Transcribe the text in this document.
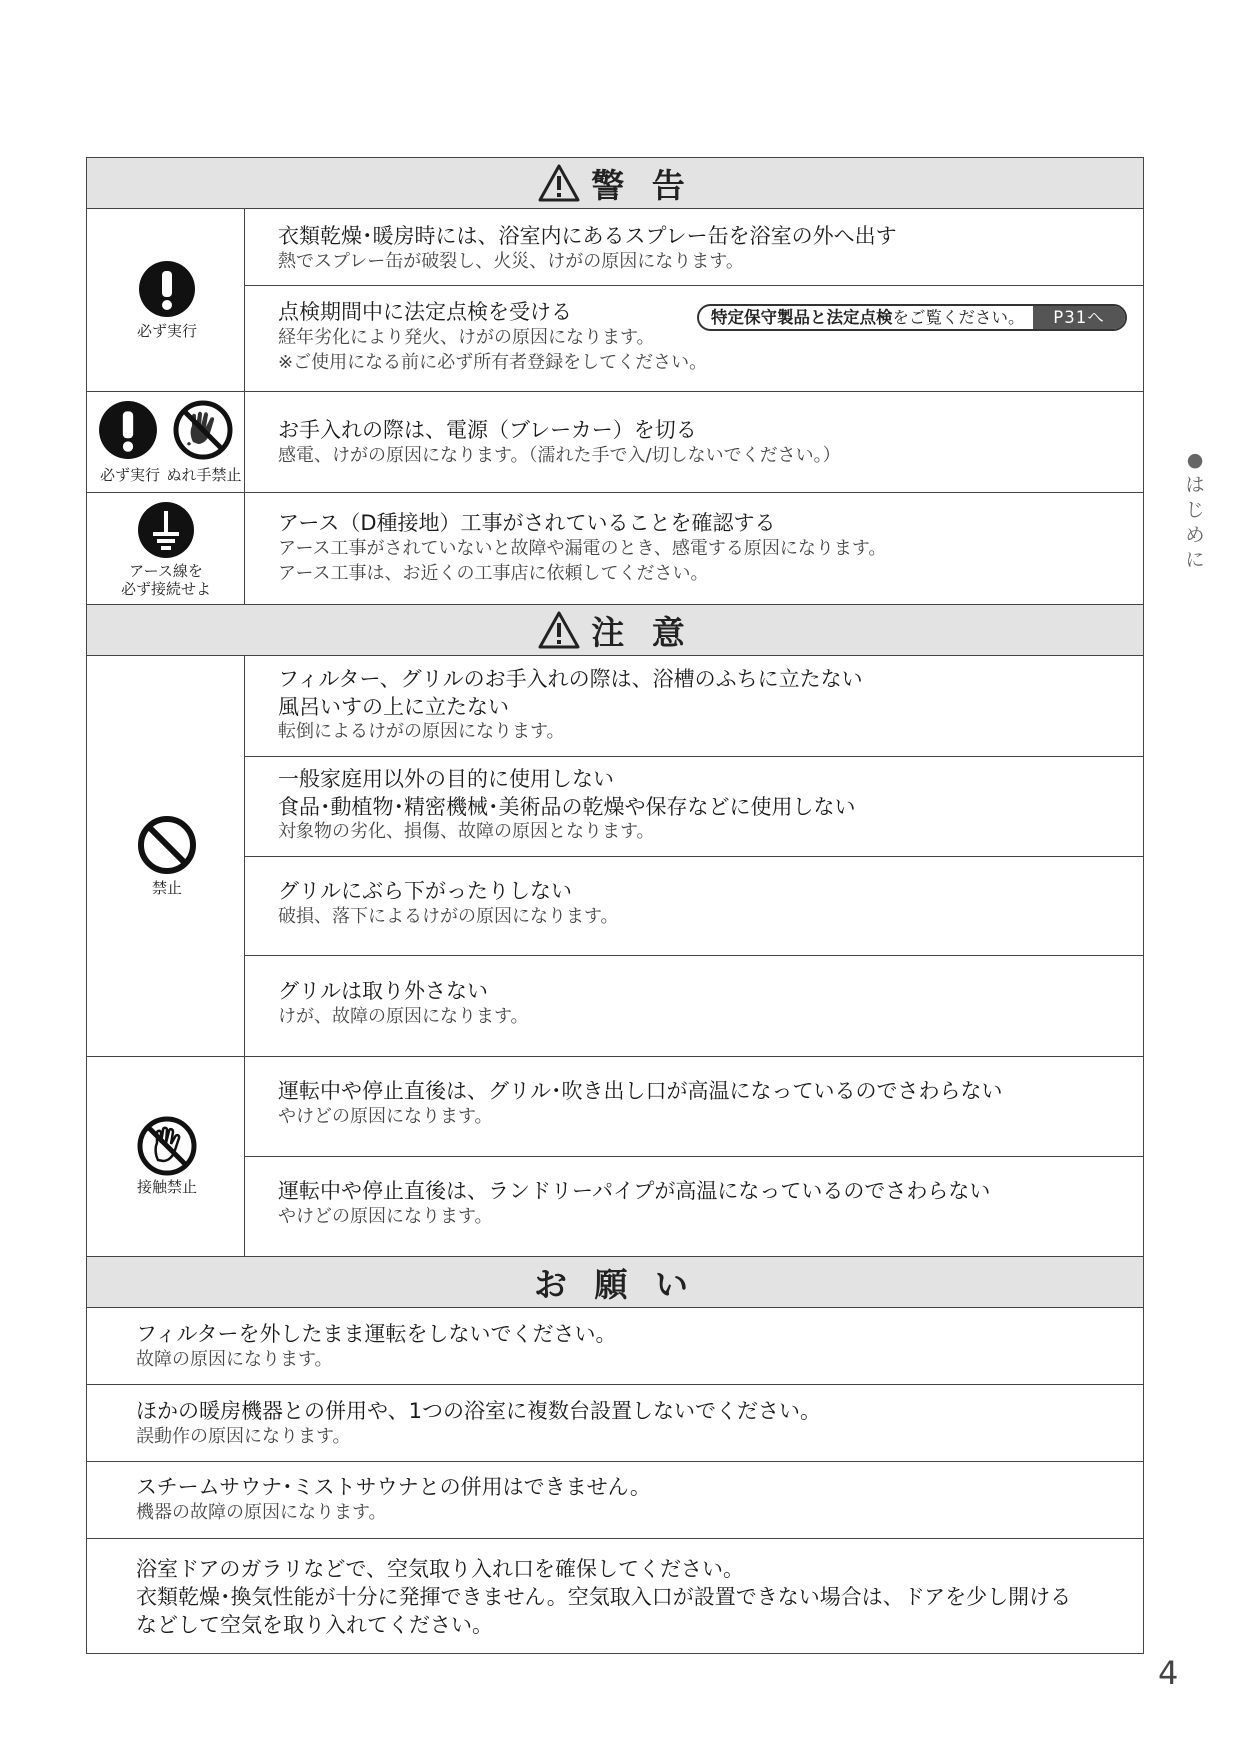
警 告
必ず実行
衣類乾燥･暖房時には、浴室内にあるスプレー缶を浴室の外へ出す
熱でスプレー缶が破裂し、火災、けがの原因になります。
点検期間中に法定点検を受ける	特定保守製品と法定点検をご覧ください。	P31へ
経年劣化により発火、けがの原因になります。
※ご使用になる前に必ず所有者登録をしてください。
必ず実行 ぬれ手禁止
お手入れの際は、電源（ブレーカー）を切る
感電、けがの原因になります。（濡れた手で入/切しないでください。）
アース線を
必ず接続せよ
アース（D種接地）工事がされていることを確認する
アース工事がされていないと故障や漏電のとき、感電する原因になります。
アース工事は、お近くの工事店に依頼してください。
注 意
禁止
フィルター、グリルのお手入れの際は、浴槽のふちに立たない
風呂いすの上に立たない
転倒によるけがの原因になります。
一般家庭用以外の目的に使用しない
食品･動植物･精密機械･美術品の乾燥や保存などに使用しない
対象物の劣化、損傷、故障の原因となります。
グリルにぶら下がったりしない
破損、落下によるけがの原因になります。
グリルは取り外さない
けが、故障の原因になります。
接触禁止
運転中や停止直後は、グリル･吹き出し口が高温になっているのでさわらない
やけどの原因になります。
運転中や停止直後は、ランドリーパイプが高温になっているのでさわらない
やけどの原因になります。
お 願 い
フィルターを外したまま運転をしないでください。
故障の原因になります。
ほかの暖房機器との併用や、1つの浴室に複数台設置しないでください。
誤動作の原因になります。
スチームサウナ･ミストサウナとの併用はできません。
機器の故障の原因になります。
浴室ドアのガラリなどで、空気取り入れ口を確保してください。
衣類乾燥･換気性能が十分に発揮できません。空気取入口が設置できない場合は、ドアを少し開ける
などして空気を取り入れてください。
●
は
じ
め
に
4
